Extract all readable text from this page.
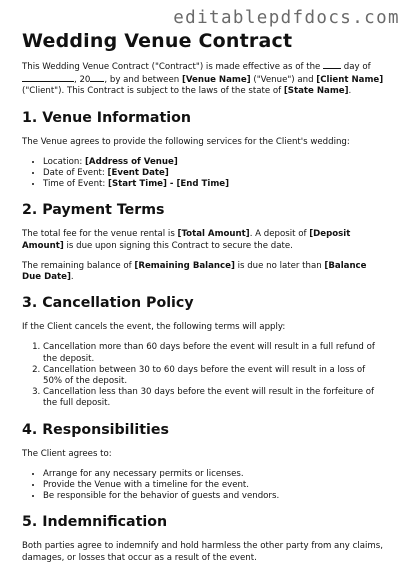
editablepdfdocs.com
Wedding Venue Contract

This Wedding Venue Contract ("Contract") is made effective as of the  day of , 20 , by and between [Venue Name] ("Venue") and [Client Name] ("Client"). This Contract is subject to the laws of the state of [State Name].

1. Venue Information

The Venue agrees to provide the following services for the Client's wedding:

• Location: [Address of Venue]
• Date of Event: [Event Date]
• Time of Event: [Start Time] - [End Time]
2. Payment Terms

The total fee for the venue rental is [Total Amount]. A deposit of [Deposit Amount] is due upon signing this Contract to secure the date.

The remaining balance of [Remaining Balance] is due no later than [Balance Due Date].

3. Cancellation Policy

If the Client cancels the event, the following terms will apply:

1. Cancellation more than 60 days before the event will result in a full refund of the deposit.
2. Cancellation between 30 to 60 days before the event will result in a loss of 50% of the deposit.
3. Cancellation less than 30 days before the event will result in the forfeiture of the full deposit.
4. Responsibilities

The Client agrees to:

• Arrange for any necessary permits or licenses.
• Provide the Venue with a timeline for the event.
• Be responsible for the behavior of guests and vendors.
5. Indemnification

Both parties agree to indemnify and hold harmless the other party from any claims, damages, or losses that occur as a result of the event.
